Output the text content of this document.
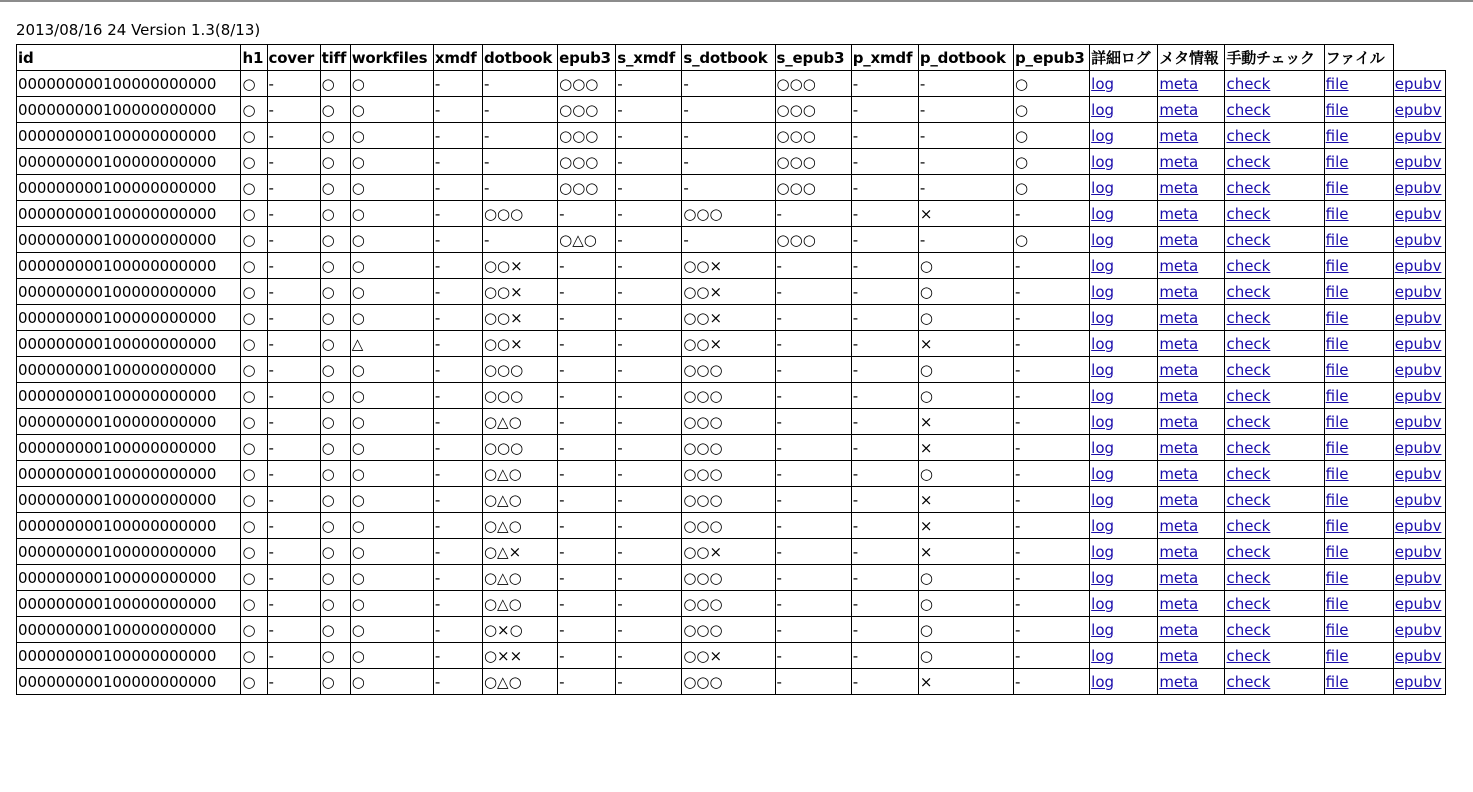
2013/08/16 24 Version 1.3(8/13)
id	h1	cover	tiff	workfiles	xmdf	dotbook	epub3	s_xmdf	s_dotbook	s_epub3	p_xmdf	p_dotbook	p_epub3	詳細ログ	メタ情報	手動チェック	ファイル	
000000000100000000000	○	-	○	○	-	-	○○○	-	-	○○○	-	-	○	log	meta	check	file	epubv
000000000100000000000	○	-	○	○	-	-	○○○	-	-	○○○	-	-	○	log	meta	check	file	epubv
000000000100000000000	○	-	○	○	-	-	○○○	-	-	○○○	-	-	○	log	meta	check	file	epubv
000000000100000000000	○	-	○	○	-	-	○○○	-	-	○○○	-	-	○	log	meta	check	file	epubv
000000000100000000000	○	-	○	○	-	-	○○○	-	-	○○○	-	-	○	log	meta	check	file	epubv
000000000100000000000	○	-	○	○	-	○○○	-	-	○○○	-	-	×	-	log	meta	check	file	epubv
000000000100000000000	○	-	○	○	-	-	○△○	-	-	○○○	-	-	○	log	meta	check	file	epubv
000000000100000000000	○	-	○	○	-	○○×	-	-	○○×	-	-	○	-	log	meta	check	file	epubv
000000000100000000000	○	-	○	○	-	○○×	-	-	○○×	-	-	○	-	log	meta	check	file	epubv
000000000100000000000	○	-	○	○	-	○○×	-	-	○○×	-	-	○	-	log	meta	check	file	epubv
000000000100000000000	○	-	○	△	-	○○×	-	-	○○×	-	-	×	-	log	meta	check	file	epubv
000000000100000000000	○	-	○	○	-	○○○	-	-	○○○	-	-	○	-	log	meta	check	file	epubv
000000000100000000000	○	-	○	○	-	○○○	-	-	○○○	-	-	○	-	log	meta	check	file	epubv
000000000100000000000	○	-	○	○	-	○△○	-	-	○○○	-	-	×	-	log	meta	check	file	epubv
000000000100000000000	○	-	○	○	-	○○○	-	-	○○○	-	-	×	-	log	meta	check	file	epubv
000000000100000000000	○	-	○	○	-	○△○	-	-	○○○	-	-	○	-	log	meta	check	file	epubv
000000000100000000000	○	-	○	○	-	○△○	-	-	○○○	-	-	×	-	log	meta	check	file	epubv
000000000100000000000	○	-	○	○	-	○△○	-	-	○○○	-	-	×	-	log	meta	check	file	epubv
000000000100000000000	○	-	○	○	-	○△×	-	-	○○×	-	-	×	-	log	meta	check	file	epubv
000000000100000000000	○	-	○	○	-	○△○	-	-	○○○	-	-	○	-	log	meta	check	file	epubv
000000000100000000000	○	-	○	○	-	○△○	-	-	○○○	-	-	○	-	log	meta	check	file	epubv
000000000100000000000	○	-	○	○	-	○×○	-	-	○○○	-	-	○	-	log	meta	check	file	epubv
000000000100000000000	○	-	○	○	-	○××	-	-	○○×	-	-	○	-	log	meta	check	file	epubv
000000000100000000000	○	-	○	○	-	○△○	-	-	○○○	-	-	×	-	log	meta	check	file	epubv
